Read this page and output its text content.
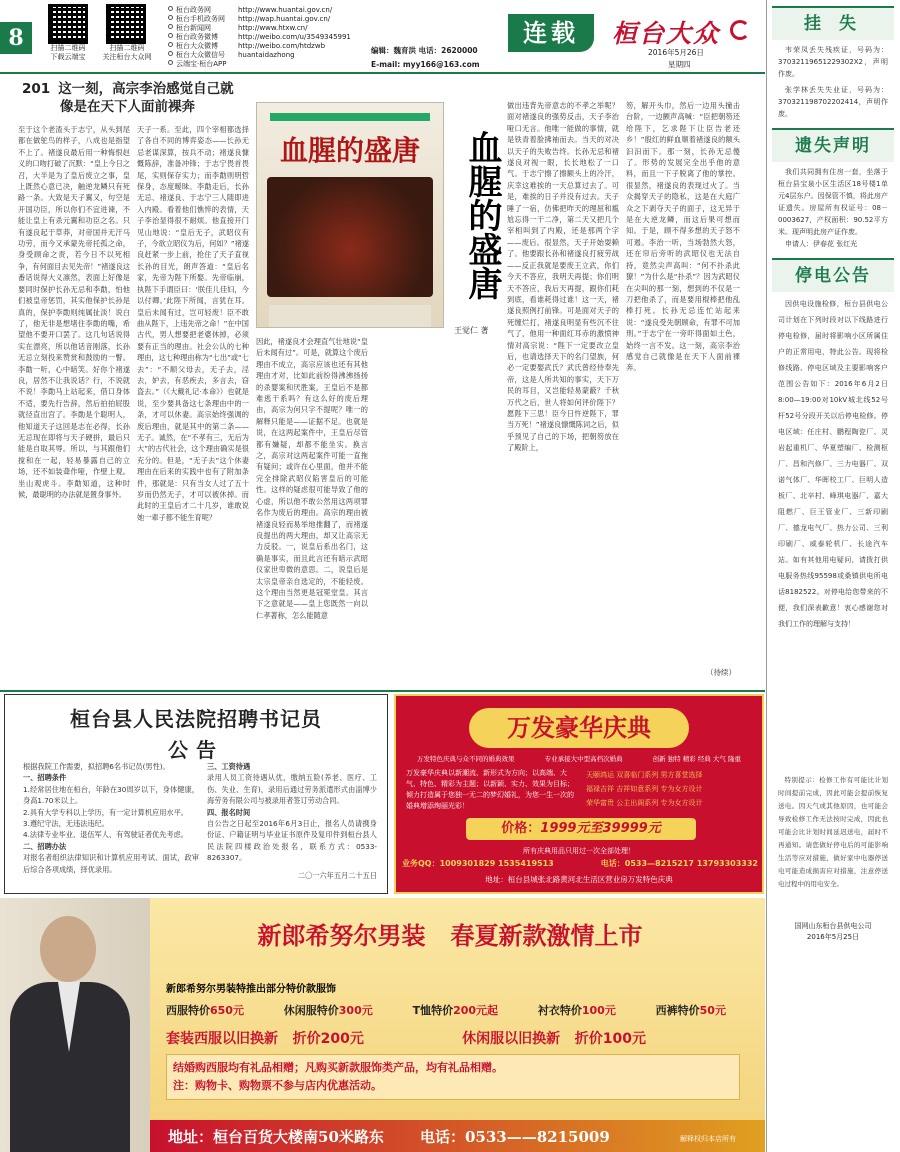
8	扫描二维码
下载云端宝
扫描二维码
关注桓台大众网
桓台政务网	http://www.huantai.gov.cn/
桓台手机政务网	http://wap.huantai.gov.cn/
桓台新闻网	http://www.htxw.cn/
桓台政务微博	http://weibo.com/u/3549345991
桓台大众微博	http://weibo.com/htdzwb
桓台大众微信号	huantaidazhong
云端宝·桓台APP
编辑：魏育洪 电话：2620000
E-mail: myy166@163.com
连载	桓台大众
2016年5月26日
星期四
201 这一刻，高宗李治感觉自己就
像是在天下人面前裸奔
至于这个老渣头于志宁，从头到尾都在做鸵鸟的样子，八成也是指望不上了。褚遂良最后用一种悔恨赵义的口吻打破了沉默：“皇上今日之召，大半是为了皇后废立之事，皇上既然心意已决，触逆龙鳞只有死路一条。大致是天子翼又，句空是开国功臣，所以你们不宜进谏，不能让皇上有杀元翼和功臣之名。只有遂良起于草莽，对帝国并无汗马功劳，而今又承蒙先帝托孤之命，身受顾命之责，若今日不以死相争，有何面目去见先帝！”褚遂良这番话说得大义凛然，表面上好像是要同时保护长孙无忌和李勣，怕他们被皇帝惩罚，其实他保护长孙是真的，保护李勣则纯属扯淡！说白了，他无非是想堵住李勣的嘴，希望他不要开口罢了。这几句话说得实在漂亮，所以他话音刚落，长孙无忌立刻投来赞赏和鼓励的一瞥。李勣一听，心中暗笑。好你个褚遂良，居然不让我说话？行，不说就不说！李勣马上站起来，借口身体不适，要先行告辞，然后拍拍屁股就径直出宫了。李勣是个聪明人，他知道天子这回是志在必得，长孙无忌现在即将与天子硬拼，最后只能是自取其辱。所以，与其跟他们搅和在一起，轻易暴露自己的立场，还不如装聋作哑，作壁上观。坐山观虎斗。李勣知道，这种时候，最聪明的办法就是置身事外。
天子一系。至此，四个宰相都选择了各自不同的博弈姿态——长孙无忌老谋深算，按兵不动；褚遂良慷慨陈辞，准备冲锋；于志宁畏首畏尾，实则保存实力；而李勣则明哲保身，态度暧昧。李勣走后，长孙无忌、褚遂良、于志宁三人随即进入内殿。看着他们憔悴的表情，天子李治显得很不耐烦。他直接开门见山地说：“皇后无子，武昭仪有子，今欲立昭仪为后，何如？”褚遂良赶紧一步上前，抢住了天子直视长孙的目光，朗声答道：“皇后名家，先帝为陛下所娶。先帝临崩，执陛下手谓臣曰：‘朕佳儿佳妇，今以付卿。’此陛下所闻，言犹在耳。皇后未闻有过，岂可轻废！臣不敢曲从陛下，上违先帝之命！”在中国古代，男人想要把老婆休掉，必须要有正当的理由。社会公认的七种理由，这七种理由称为“七出”或“七去”：“不顺父母去，无子去，淫去，妒去，有恶疾去，多言去，窃盗去。”（《大戴礼记·本命》）也就是说，至少要具备这七条理由中的一条，才可以休妻。高宗始终强调的废后理由，就是其中的第二条——无子。诚然，在“不孝有三，无后为大”的古代社会，这个理由确实是很充分的。但是，“无子去”这个休妻理由在后来的实践中也有了附加条件，那就是：只有当女人过了五十岁而仍然无子，才可以被休掉。而此时的王皇后才二十几岁，谁敢说她一辈子都不能生育呢？
血腥的盛唐	血腥的盛唐
王觉仁 著
因此，褚遂良才会理直气壮地说“皇后未闻有过”。可是，就算这个废后理由不成立，高宗应该也还有其他理由才对，比如此前纷得沸沸扬扬的杀婴案和厌胜案，王皇后不是都难逃干系吗？有这么好的废后理由，高宗为何只字不提呢？唯一的解释只能是——证据不足。也就是说，在这两起案件中，王皇后尽管都有嫌疑，却都不能坐实。换言之，高宗对这两起案件可能一直拖有疑问；或许在心里面，他并不能完全排除武昭仪陷害皇后的可能性。这样的疑虑很可能导致了他的心虚，所以他不敢公然用这两项罪名作为废后的理由。高宗的理由被褚遂良轻而易举地推翻了，而褚遂良提出的两大理由，却又让高宗无力反驳。一，说皇后系出名门，这确是事实，而且此言还有暗示武昭仪家世卑微的意思。二，说皇后是太宗皇帝亲自选定的，不能轻废。这个理由当然更是冠冕堂皇。其言下之意就是——皇上您既然一向以仁孝著称，怎么能随意
做出违背先帝意志的不孝之举呢？面对褚遂良的强势反击，天子李治哑口无言。他唯一能做的事情，就是铁青着脸拂袖而去。当天的对决以天子的失败告终。长孙无忌和褚遂良对视一眼，长长地松了一口气。于志宁擦了擦额头上的冷汗，庆幸这难挨的一天总算过去了。可是，难挨的日子并没有过去。天子睡了一宿，仿佛把昨天的理屈和尴尬忘得一干二净，第二天又把几个宰相叫到了内殿，还是那两个字——废后。很显然，天子开始耍赖了。他要跟长孙和褚遂良打疲劳战——反正我就是要废王立武，你们今天不答应，我明天再提；你们明天不答应，我后天再提，跟你们耗到底，看谁耗得过谁！这一天，褚遂良照例打前锋。可是面对天子的死缠烂打，褚遂良明显有些沉不住气了，他用一种面红耳赤的激愤神情对高宗说：“陛下一定要改立皇后，也请选择天下的名门望族，何必一定要娶武氏？武氏曾经侍奉先帝，这是人所共知的事实，天下万民的耳目，又岂能轻易蒙蔽？千秋万代之后，世人将如何评价陛下？愿陛下三思！臣今日忤逆陛下，罪当万死！”褚遂良慷慨陈词之后，似乎预见了自己的下场，把朝笏放在了殿阶上，
笏，解开头巾，然后一边用头撞击台阶，一边颤声高喊：“臣把朝笏还给陛下，乞求陛下让臣告老还乡！”殷红的鲜血顺着褚遂良的额头汩汩而下。那一刻，长孙无忌傻了。形势的发展完全出乎他的意料，而且一下子脱离了他的掌控。很显然，褚遂良的表现过火了。当众揭穿天子的隐私，这是在大庭广众之下剥夺天子的面子，这无异于是在大逆龙鳞，而这后果可想而知。于是，顾不得多想的天子怒不可遏。李治一听，当场勃然大怒，还在帘后旁听的武昭仪也无法自持，竟然尖声高叫：“何不扑杀此獠！”为什么是“扑杀”？因为武昭仪在尖叫的那一刻，想到的不仅是一刀把他杀了，而是要用棍棒把他乱棒打死。长孙无忌连忙站起来说：“遂良受先朝顾命，有罪不可加刑。”于志宁在一旁吓得面如土色，始终一言不发。这一刻，高宗李治感觉自己就像是在天下人面前裸奔。
（待续）
桓台县人民法院招聘书记员
公告
根据我院工作需要，拟招聘6名书记员(男性)。
一、招聘条件
1.经常居住地在桓台，年龄在30周岁以下，身体健康，身高1.70米以上。
2.具有大学专科以上学历，有一定计算机应用水平。
3.遵纪守法，无违法违纪。
4.法律专业毕业、退伍军人、有驾驶证者优先考虑。
二、招聘办法
对报名者组织法律知识和计算机应用考试、面试，政审后综合各项成绩，择优录用。
三、工资待遇
录用人员工资待遇从优，缴纳五险(养老、医疗、工伤、失业、生育)，录用后通过劳务派遣形式由淄博少海劳务有限公司与被录用者签订劳动合同。
四、报名时间
自公告之日起至2016年6月3日止，报名人员请携身份证、户籍证明与毕业证书原件及复印件到桓台县人民法院四楼政治处报名，联系方式：0533-8263307。
二〇一六年五月二十五日
万发豪华庆典
万发特色庆典与众不同的婚典效果	专业承接大中型高档次婚典	创新 独特 精彩 经典 大气 隆重
万发豪华庆典以新潮流、新形式为方向；以高端、大气、特色、精彩为主题；以新颖、实力、效果为目标；倾力打造属于您独一无二的梦幻婚礼，为您一生一次的婚典增添绚丽光彩！
天颐鸿运 双喜临门系列 男方喜堂选择
福禄吉祥 吉祥如意系列 专为女方设计
荣华富贵 公主出阁系列 专为女方设计
价格：1999元至39999元
所有庆典用品只用过一次全部处理！
业务QQ：1009301829 1535419513	电话：0533—8215217 13793303332
地址：桓台县城张北路黄河北生活区营业房万发特色庆典
新郎希努尔男装   春夏新款激情上市
新郎希努尔男装特推出部分特价款服饰
西服特价650元	休闲服特价300元	T恤特价200元起	衬衣特价100元	西裤特价50元
套装西服以旧换新   折价200元	休闲服以旧换新   折价100元
结婚购西服均有礼品相赠；凡购买新款服饰类产品，均有礼品相赠。
注：购物卡、购物票不参与店内优惠活动。
地址：桓台百货大楼南50米路东 电话：0533——8215009	解释权归本店所有
挂 失
韦荣凤丢失残疾证，号码为：37032119651229302X2，声明作废。
张学林丢失失业证，号码为：370321198702202414，声明作废。
遗失声明
我们共同拥有住房一套，坐落于桓台县宝泉小区生活区18号楼1单元4层东户。因保管不慎，将此房产证遗失。房屋所有权证号：08－0003627，产权面积：90.52平方米。现声明此房产证作废。
申请人：伊春花 张红光
停电公告
因供电设施检修，桓台县供电公司计划在下列时段对以下线路进行停电检修，届时将影响小区所属住户的正常用电，特此公告。现将检修线路、停电区域及主要影响客户范围公告如下：2016年6月2日8:00—19:00对10kV城北线52号杆52号分段开关以后停电检修。停电区域：任庄村、鹏程陶瓷厂、灵岩起重机厂、华夏塑编厂、检测枢厂、昌和汽修厂、三力电器厂、双诺气体厂、华晖校工厂、巨明人造板厂、北辛村、峰琪电器厂、嘉大阻燃厂、巨王管业厂、三新印刷厂、德龙电气厂、热力公司、三利印刷厂、威泰轮机厂、长途汽车站。如有其他用电疑问，请拨打供电服务热线95598或桑镇供电所电话8182522。对停电给您带来的不便，我们深表歉意！衷心感谢您对我们工作的理解与支持！
特别提示：检修工作有可能比计划时间提前完成，因此可能会提前恢复送电。因天气或其他原因，也可能会导致检修工作无法按时完成，因此也可能会比计划时间延迟送电，届时不再通知。请您做好停电后的可能影响生活等应对措施，做好家中电器停送电可能造成损害应对措施，注意停送电过程中的用电安全。
国网山东桓台县供电公司
2016年5月25日
